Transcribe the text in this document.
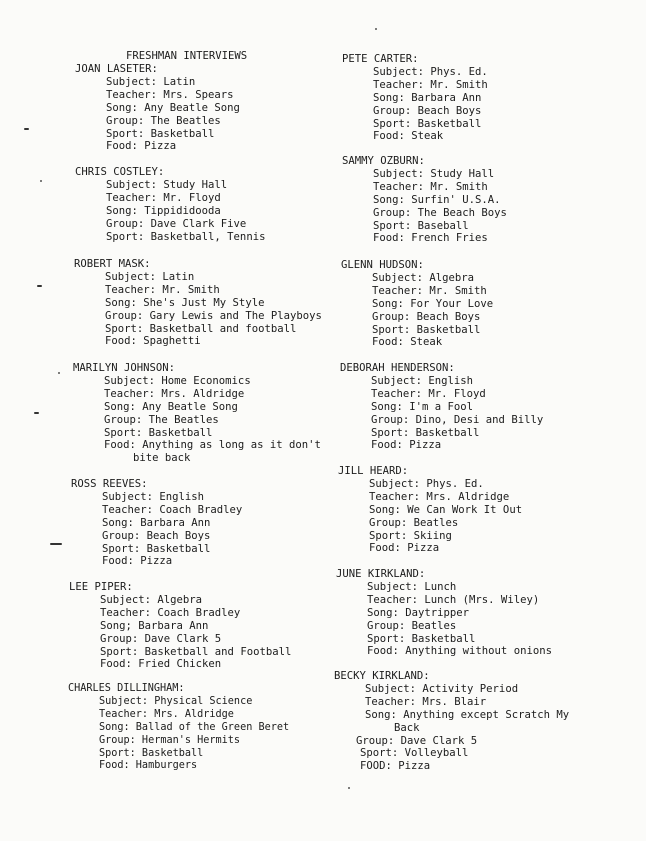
FRESHMAN INTERVIEWS
JOAN LASETER:
Subject: Latin
Teacher: Mrs. Spears
Song: Any Beatle Song
Group: The Beatles
Sport: Basketball
Food: Pizza
CHRIS COSTLEY:
Subject: Study Hall
Teacher: Mr. Floyd
Song: Tippididooda
Group: Dave Clark Five
Sport: Basketball, Tennis
ROBERT MASK:
Subject: Latin
Teacher: Mr. Smith
Song: She's Just My Style
Group: Gary Lewis and The Playboys
Sport: Basketball and football
Food: Spaghetti
MARILYN JOHNSON:
Subject: Home Economics
Teacher: Mrs. Aldridge
Song: Any Beatle Song
Group: The Beatles
Sport: Basketball
Food: Anything as long as it don't
bite back
ROSS REEVES:
Subject: English
Teacher: Coach Bradley
Song: Barbara Ann
Group: Beach Boys
Sport: Basketball
Food: Pizza
LEE PIPER:
Subject: Algebra
Teacher: Coach Bradley
Song; Barbara Ann
Group: Dave Clark 5
Sport: Basketball and Football
Food: Fried Chicken
CHARLES DILLINGHAM:
Subject: Physical Science
Teacher: Mrs. Aldridge
Song: Ballad of the Green Beret
Group: Herman's Hermits
Sport: Basketball
Food: Hamburgers
PETE CARTER:
Subject: Phys. Ed.
Teacher: Mr. Smith
Song: Barbara Ann
Group: Beach Boys
Sport: Basketball
Food: Steak
SAMMY OZBURN:
Subject: Study Hall
Teacher: Mr. Smith
Song: Surfin' U.S.A.
Group: The Beach Boys
Sport: Baseball
Food: French Fries
GLENN HUDSON:
Subject: Algebra
Teacher: Mr. Smith
Song: For Your Love
Group: Beach Boys
Sport: Basketball
Food: Steak
DEBORAH HENDERSON:
Subject: English
Teacher: Mr. Floyd
Song: I'm a Fool
Group: Dino, Desi and Billy
Sport: Basketball
Food: Pizza
JILL HEARD:
Subject: Phys. Ed.
Teacher: Mrs. Aldridge
Song: We Can Work It Out
Group: Beatles
Sport: Skiing
Food: Pizza
JUNE KIRKLAND:
Subject: Lunch
Teacher: Lunch (Mrs. Wiley)
Song: Daytripper
Group: Beatles
Sport: Basketball
Food: Anything without onions
BECKY KIRKLAND:
Subject: Activity Period
Teacher: Mrs. Blair
Song: Anything except Scratch My
Back
Group: Dave Clark 5
Sport: Volleyball
FOOD: Pizza
